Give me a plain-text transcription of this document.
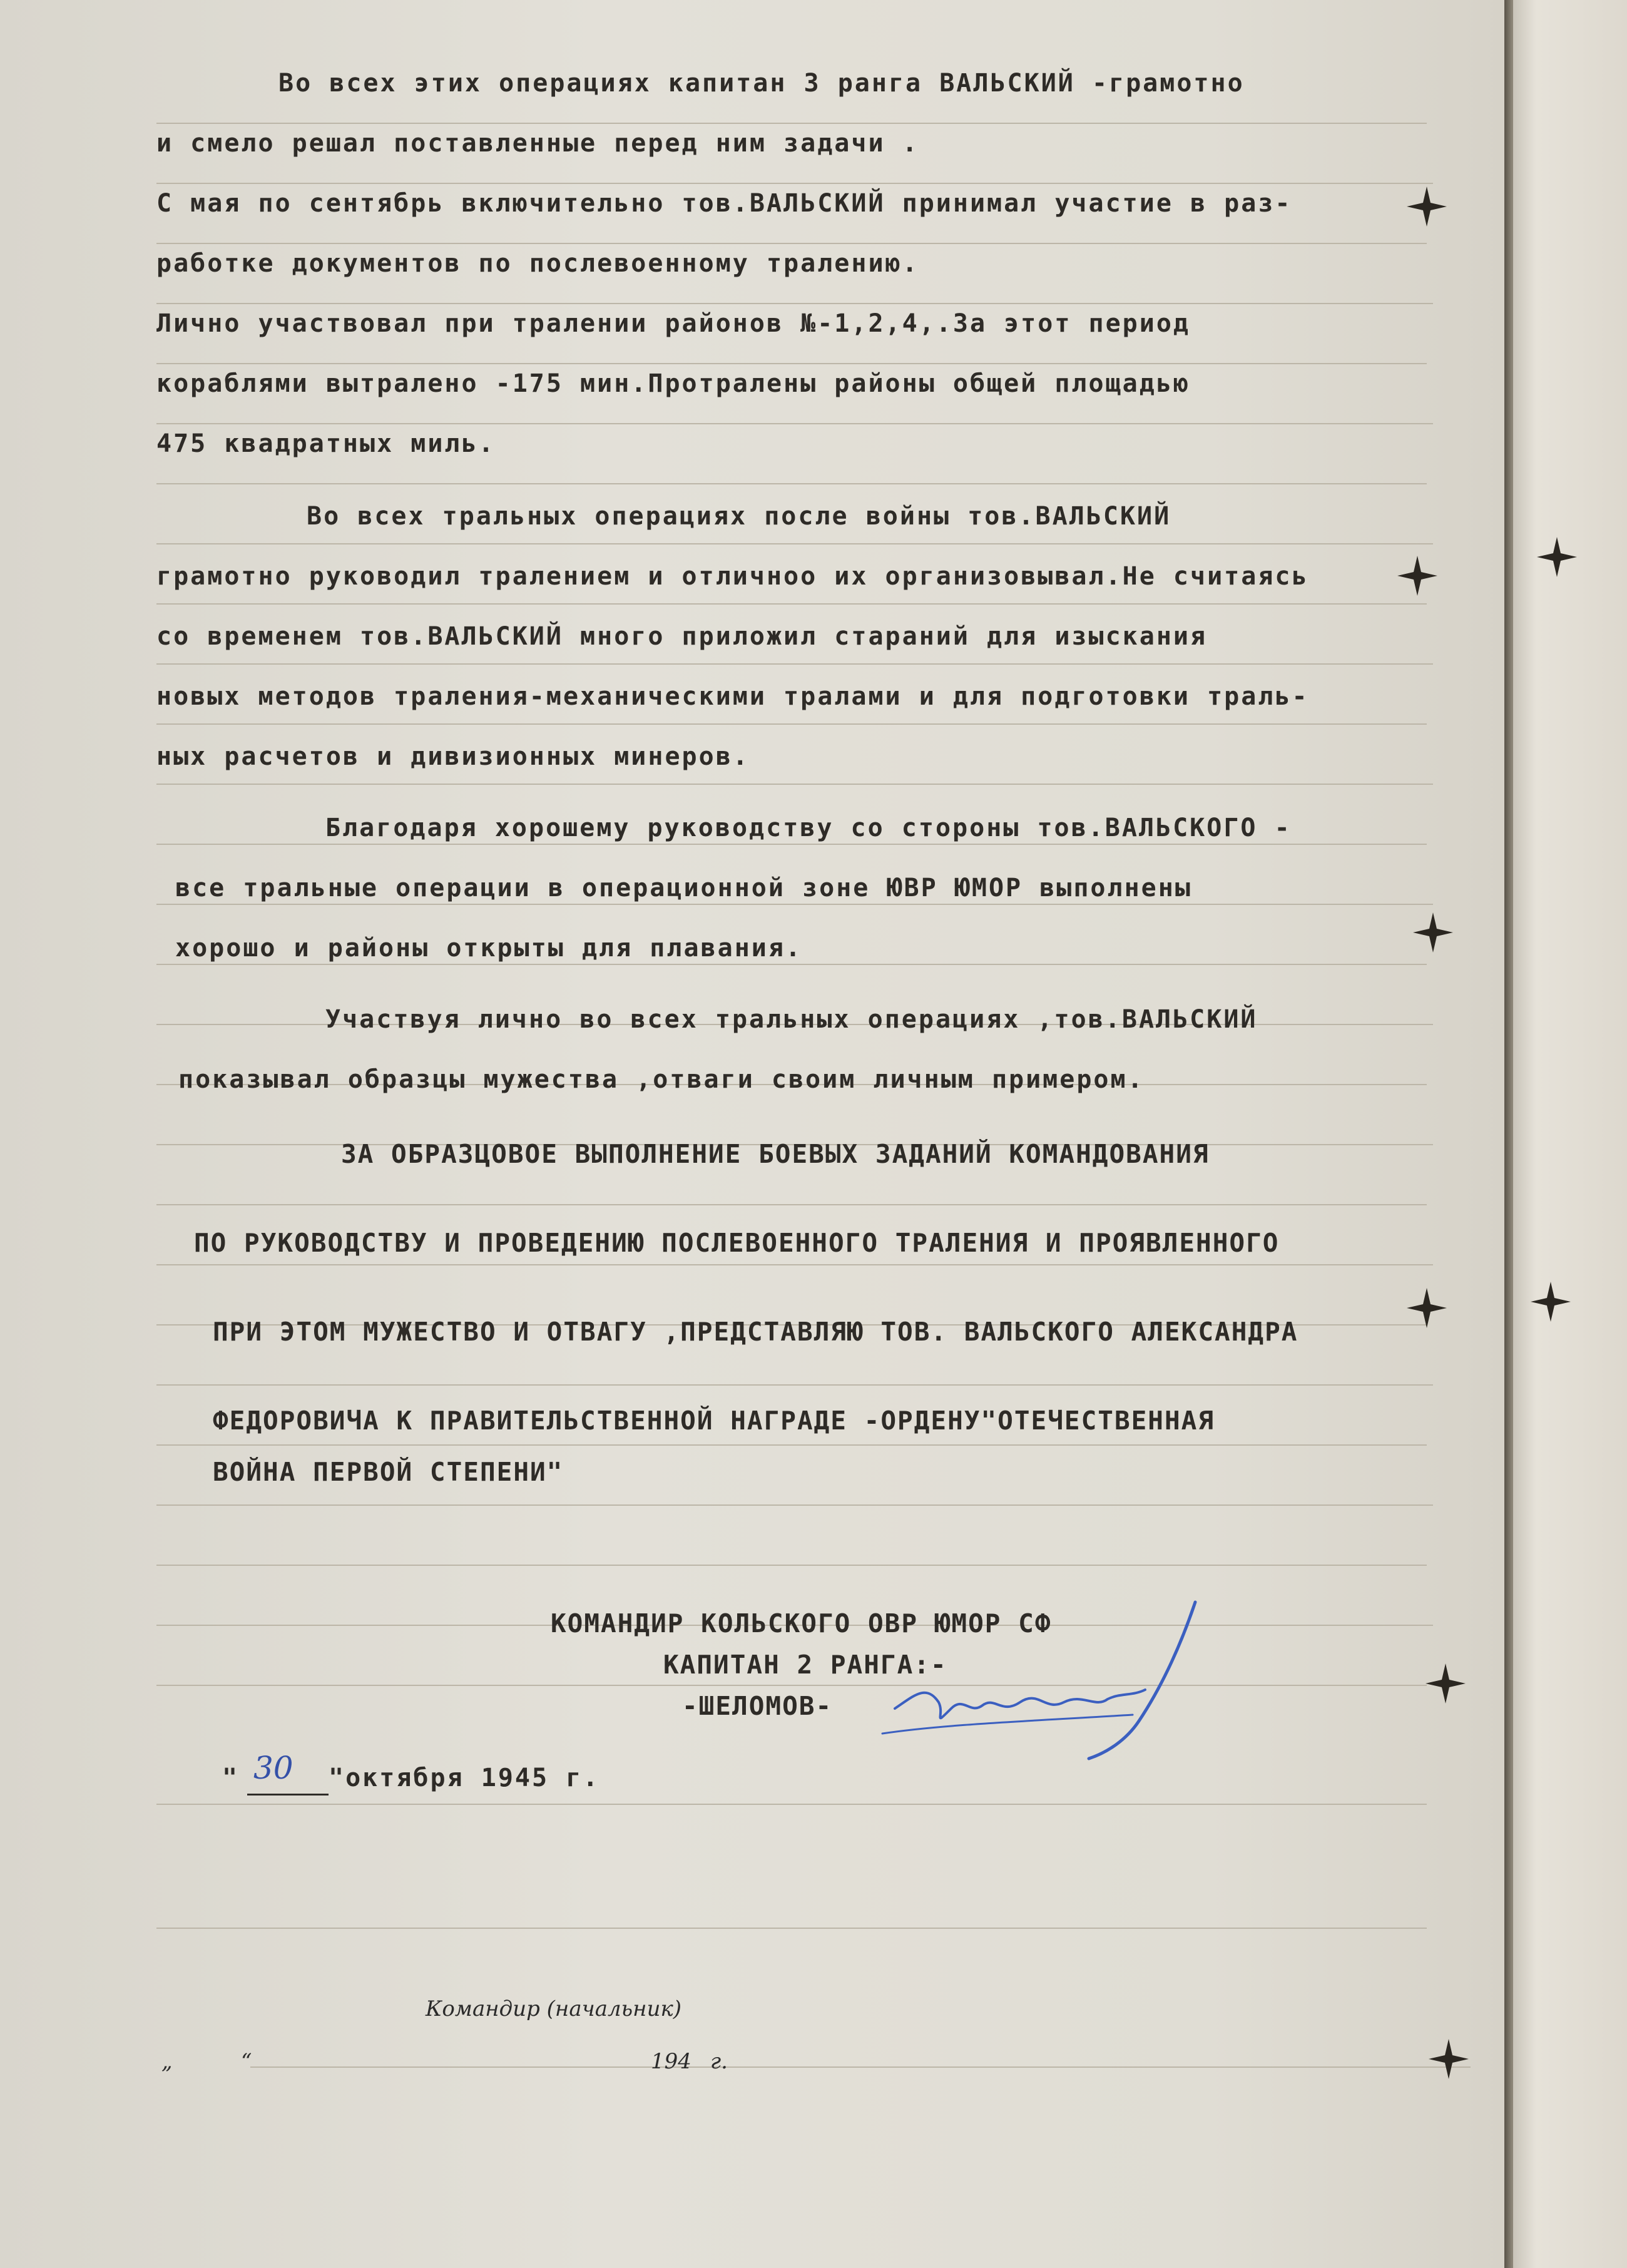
Во всех этих операциях капитан 3 ранга ВАЛЬСКИЙ -грамотно
и смело решал поставленные перед ним задачи .
С мая по сентябрь включительно тов.ВАЛЬСКИЙ принимал участие в раз-
работке документов по послевоенному тралению.
Лично участвовал при тралении районов №-1,2,4,.За этот период
кораблями вытралено -175 мин.Протралены районы общей площадью
475 квадратных миль.
Во всех тральных операциях после войны тов.ВАЛЬСКИЙ
грамотно руководил тралением и отличноо их организовывал.Не считаясь
со временем тов.ВАЛЬСКИЙ много приложил стараний для изыскания
новых методов траления-механическими тралами и для подготовки траль-
ных расчетов и дивизионных минеров.
Благодаря хорошему руководству со стороны тов.ВАЛЬСКОГО -
все тральные операции в операционной зоне ЮВР ЮМОР выполнены
хорошо и районы открыты для плавания.
Участвуя лично во всех тральных операциях ,тов.ВАЛЬСКИЙ
показывал образцы мужества ,отваги своим личным примером.
ЗА ОБРАЗЦОВОЕ ВЫПОЛНЕНИЕ БОЕВЫХ ЗАДАНИЙ КОМАНДОВАНИЯ
ПО РУКОВОДСТВУ И ПРОВЕДЕНИЮ ПОСЛЕВОЕННОГО ТРАЛЕНИЯ И ПРОЯВЛЕННОГО
ПРИ ЭТОМ МУЖЕСТВО И ОТВАГУ ,ПРЕДСТАВЛЯЮ ТОВ. ВАЛЬСКОГО АЛЕКСАНДРА
ФЕДОРОВИЧА К ПРАВИТЕЛЬСТВЕННОЙ НАГРАДЕ -ОРДЕНУ"ОТЕЧЕСТВЕННАЯ
ВОЙНА ПЕРВОЙ СТЕПЕНИ"
КОМАНДИР КОЛЬСКОГО ОВР ЮМОР СФ
КАПИТАН 2 РАНГА:-
-ШЕЛОМОВ-
" 30 "октября 1945 г.
Командир (начальник)
„	“	194 г.
